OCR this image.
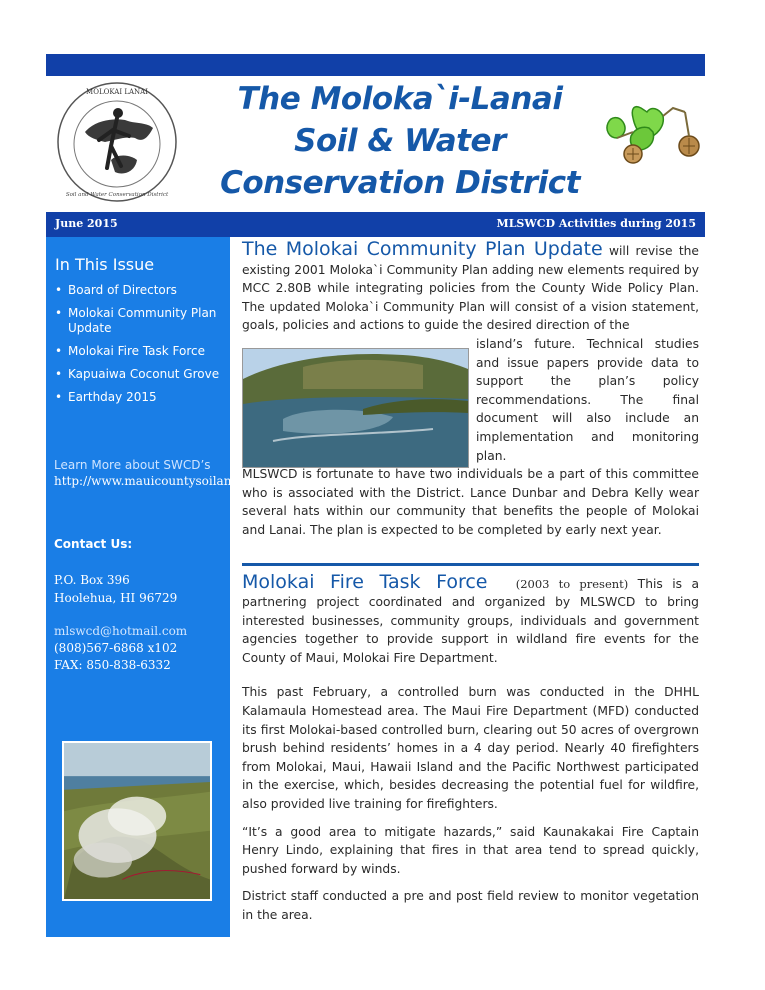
MOLOKAI LANAI
Soil and Water Conservation District
The Moloka`i-Lanai
Soil & Water
Conservation District
June 2015	MLSWCD Activities during 2015
In This Issue
• Board of Directors
• Molokai Community Plan Update
• Molokai Fire Task Force
• Kapuaiwa Coconut Grove
• Earthday 2015
Learn More about SWCD’s
http://www.mauicountysoilandwater.org/
Contact Us:
P.O. Box 396
Hoolehua, HI 96729
mlswcd@hotmail.com
(808)567-6868 x102
FAX: 850-838-6332

The Molokai Community Plan Update will revise the existing 2001 Moloka`i Community Plan adding new elements required by MCC 2.80B while integrating policies from the County Wide Policy Plan. The updated Moloka`i Community Plan will consist of a vision statement, goals, policies and actions to guide the desired direction of the

island’s future. Technical studies and issue papers provide data to support the plan’s policy recommendations. The final document will also include an implementation and monitoring plan.

MLSWCD is fortunate to have two individuals be a part of this committee who is associated with the District. Lance Dunbar and Debra Kelly wear several hats within our community that benefits the people of Molokai and Lanai. The plan is expected to be completed by early next year.

Molokai Fire Task Force (2003 to present) This is a partnering project coordinated and organized by MLSWCD to bring interested businesses, community groups, individuals and government agencies together to provide support in wildland fire events for the County of Maui, Molokai Fire Department.

This past February, a controlled burn was conducted in the DHHL Kalamaula Homestead area. The Maui Fire Department (MFD) conducted its first Molokai-based controlled burn, clearing out 50 acres of overgrown brush behind residents’ homes in a 4 day period. Nearly 40 firefighters from Molokai, Maui, Hawaii Island and the Pacific Northwest participated in the exercise, which, besides decreasing the potential fuel for wildfire, also provided live training for firefighters.

“It’s a good area to mitigate hazards,” said Kaunakakai Fire Captain Henry Lindo, explaining that fires in that area tend to spread quickly, pushed forward by winds.

District staff conducted a pre and post field review to monitor vegetation in the area.
